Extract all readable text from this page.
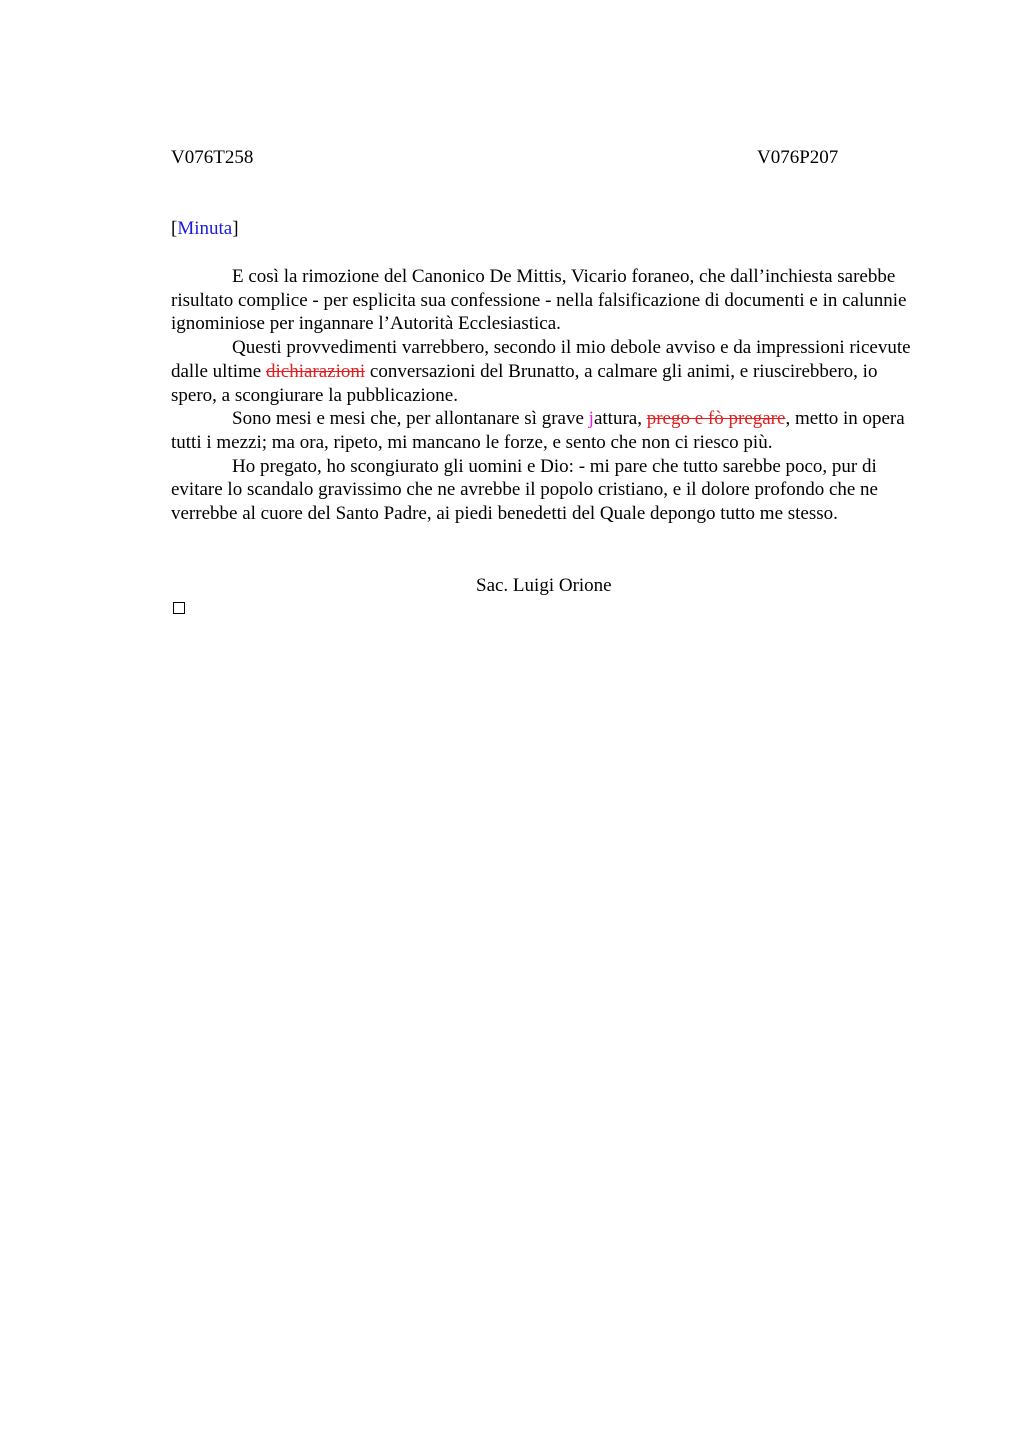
V076T258	V076P207
[Minuta]

E così la rimozione del Canonico De Mittis, Vicario foraneo, che dall’inchiesta sarebbe risultato complice - per esplicita sua confessione - nella falsificazione di documenti e in calunnie ignominiose per ingannare l’Autorità Ecclesiastica.

Questi provvedimenti varrebbero, secondo il mio debole avviso e da impressioni ricevute dalle ultime dichiarazioni conversazioni del Brunatto, a calmare gli animi, e riuscirebbero, io spero, a scongiurare la pubblicazione.

Sono mesi e mesi che, per allontanare sì grave jattura, prego e fò pregare, metto in opera tutti i mezzi; ma ora, ripeto, mi mancano le forze, e sento che non ci riesco più.

Ho pregato, ho scongiurato gli uomini e Dio: - mi pare che tutto sarebbe poco, pur di evitare lo scandalo gravissimo che ne avrebbe il popolo cristiano, e il dolore profondo che ne verrebbe al cuore del Santo Padre, ai piedi benedetti del Quale depongo tutto me stesso.

Sac. Luigi Orione
